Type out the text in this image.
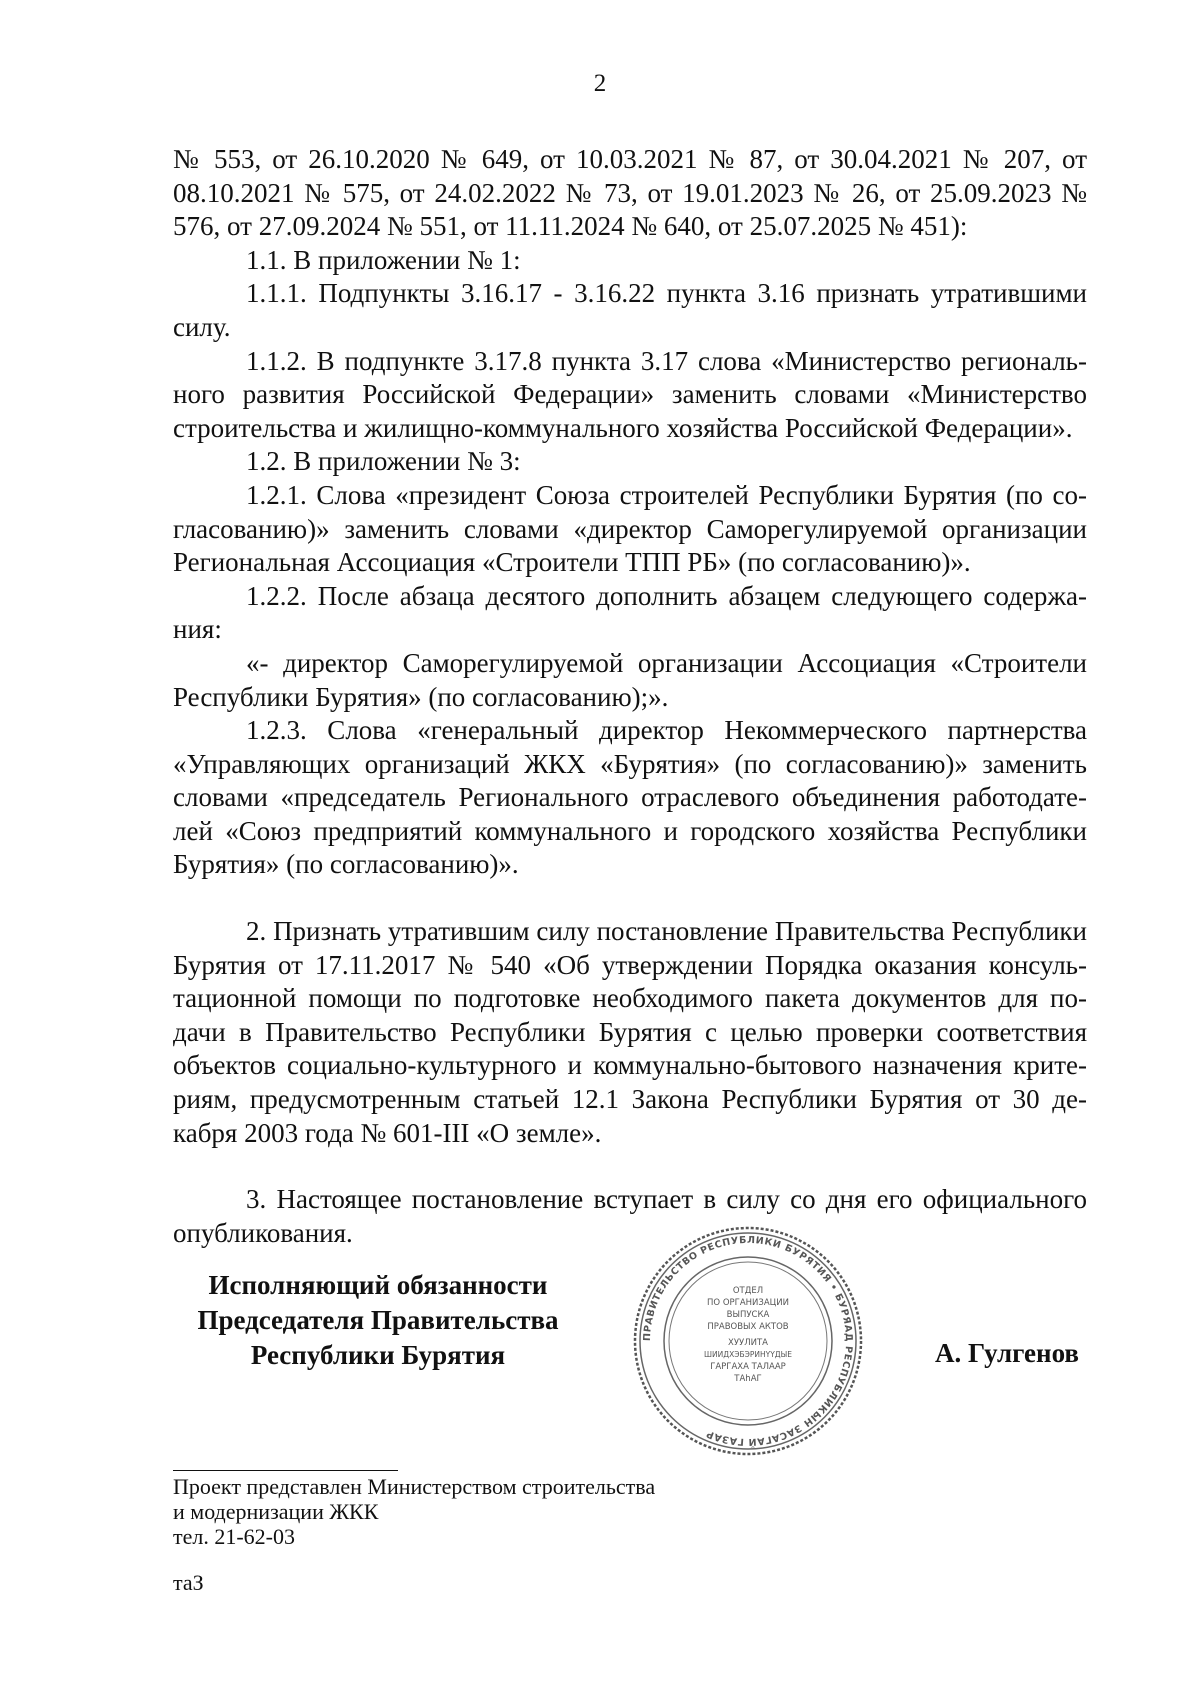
2

№ 553, от 26.10.2020 № 649, от 10.03.2021 № 87, от 30.04.2021 № 207, от 08.10.2021 № 575, от 24.02.2022 № 73, от 19.01.2023 № 26, от 25.09.2023 № 576, от 27.09.2024 № 551, от 11.11.2024 № 640, от 25.07.2025 № 451):

1.1. В приложении № 1:

1.1.1. Подпункты 3.16.17 - 3.16.22 пункта 3.16 признать утратившими силу.

1.1.2. В подпункте 3.17.8 пункта 3.17 слова «Министерство регионального развития Российской Федерации» заменить словами «Министерство строительства и жилищно-коммунального хозяйства Российской Федерации».

1.2. В приложении № 3:

1.2.1. Слова «президент Союза строителей Республики Бурятия (по согласованию)» заменить словами «директор Саморегулируемой организации Региональная Ассоциация «Строители ТПП РБ» (по согласованию)».

1.2.2. После абзаца десятого дополнить абзацем следующего содержания:

«- директор Саморегулируемой организации Ассоциация «Строители Республики Бурятия» (по согласованию);».

1.2.3. Слова «генеральный директор Некоммерческого партнерства «Управляющих организаций ЖКХ «Бурятия» (по согласованию)» заменить словами «председатель Регионального отраслевого объединения работодателей «Союз предприятий коммунального и городского хозяйства Республики Бурятия» (по согласованию)».

2. Признать утратившим силу постановление Правительства Республики Бурятия от 17.11.2017 № 540 «Об утверждении Порядка оказания консультационной помощи по подготовке необходимого пакета документов для подачи в Правительство Республики Бурятия с целью проверки соответствия объектов социально-культурного и коммунально-бытового назначения критериям, предусмотренным статьей 12.1 Закона Республики Бурятия от 30 декабря 2003 года № 601-III «О земле».

3. Настоящее постановление вступает в силу со дня его официального опубликования.

Исполняющий обязанности
Председателя Правительства
Республики Бурятия
ПРАВИТЕЛЬСТВО РЕСПУБЛИКИ БУРЯТИЯ • БУРЯАД РЕСПУБЛИКЫН ЗАСАГАЙ ГАЗАР
ОТДЕЛ
ПО ОРГАНИЗАЦИИ
ВЫПУСКА
ПРАВОВЫХ АКТОВ
ХУУЛИТА
ШИИДХЭБЭРИНҮҮДЫЕ
ГАРГАХА ТАЛААР
ТАһАГ
А. Гулгенов
Проект представлен Министерством строительства
и модернизации ЖКК
тел. 21-62-03
таЗ
